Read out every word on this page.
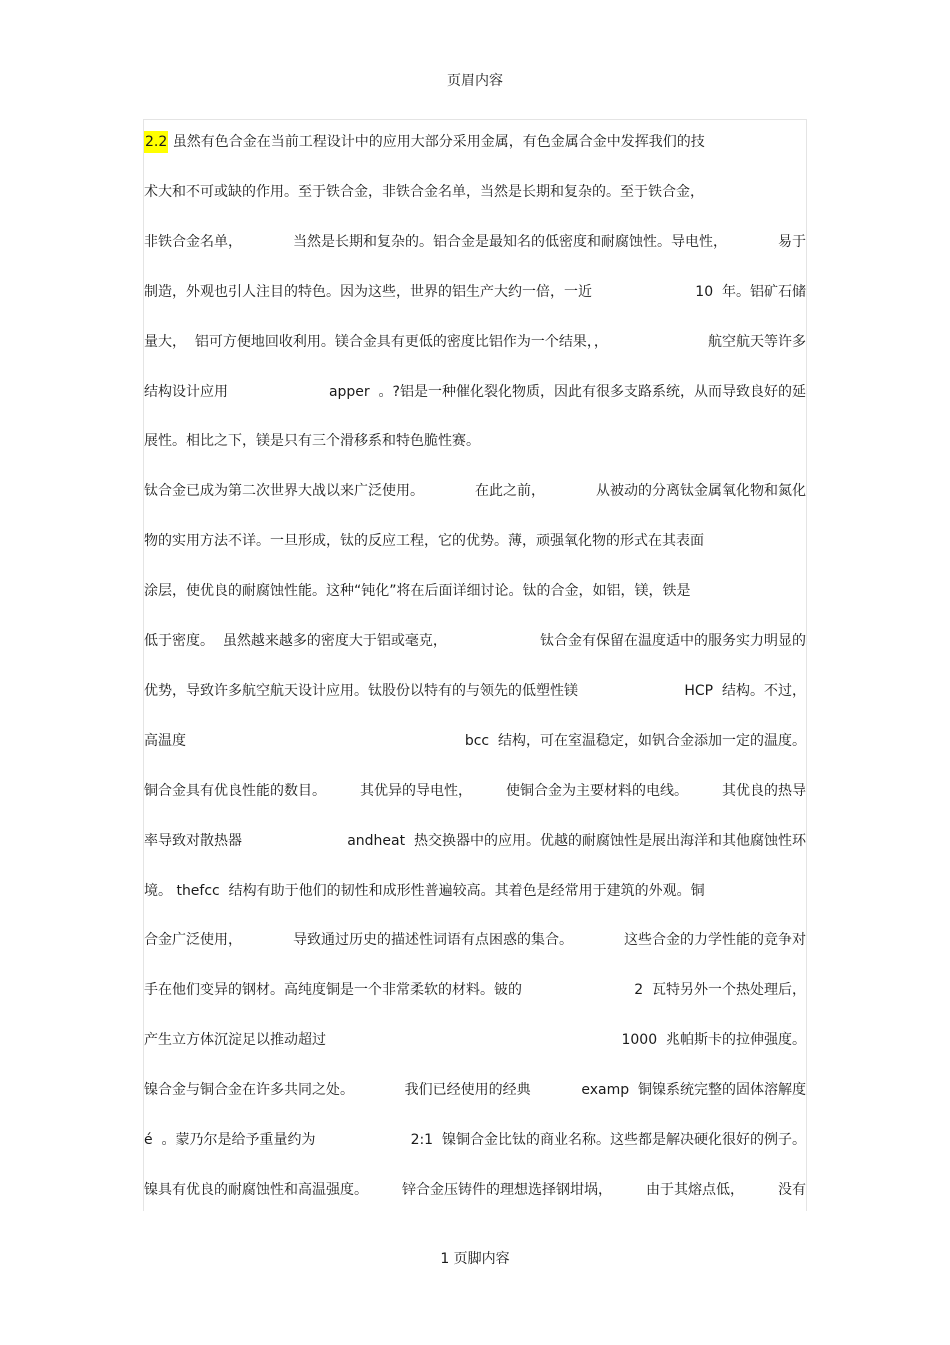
页眉内容
2.2
虽然有色合金在当前工程设计中的应用大部分采用金属，有色金属合金中发挥我们的技
术大和不可或缺的作用。至于铁合金，非铁合金名单，当然是长期和复杂的。至于铁合金，
非铁合金名单，	当然是长期和复杂的。铝合金是最知名的低密度和耐腐蚀性。导电性，	易于
制造，外观也引人注目的特色。因为这些，世界的铝生产大约一倍，一近	10  年。铝矿石储
量大，  铝可方便地回收利用。镁合金具有更低的密度比铝作为一个结果，，	航空航天等许多
结构设计应用	apper  。?铝是一种催化裂化物质，因此有很多支路系统，从而导致良好的延
展性。相比之下，镁是只有三个滑移系和特色脆性赛。
钛合金已成为第二次世界大战以来广泛使用。	在此之前，	从被动的分离钛金属氧化物和氮化
物的实用方法不详。一旦形成，钛的反应工程，它的优势。薄，顽强氧化物的形式在其表面
涂层，使优良的耐腐蚀性能。这种“钝化”将在后面详细讨论。钛的合金，如铝，镁，铁是
低于密度。  虽然越来越多的密度大于铝或毫克，	钛合金有保留在温度适中的服务实力明显的
优势，导致许多航空航天设计应用。钛股份以特有的与领先的低塑性镁	HCP  结构。不过，
高温度	bcc  结构，可在室温稳定，如钒合金添加一定的温度。
铜合金具有优良性能的数目。 其优异的导电性， 使铜合金为主要材料的电线。 其优良的热导
率导致对散热器	andheat  热交换器中的应用。优越的耐腐蚀性是展出海洋和其他腐蚀性环
境。 thefcc  结构有助于他们的韧性和成形性普遍较高。其着色是经常用于建筑的外观。铜
合金广泛使用，	导致通过历史的描述性词语有点困惑的集合。	这些合金的力学性能的竞争对
手在他们变异的钢材。高纯度铜是一个非常柔软的材料。铍的	2  瓦特另外一个热处理后，
产生立方体沉淀足以推动超过	1000  兆帕斯卡的拉伸强度。
镍合金与铜合金在许多共同之处。	我们已经使用的经典	examp  铜镍系统完整的固体溶解度
é  。蒙乃尔是给予重量约为	2:1  镍铜合金比钛的商业名称。这些都是解决硬化很好的例子。
镍具有优良的耐腐蚀性和高温强度。 锌合金压铸件的理想选择钢坩埚， 由于其熔点低， 没有
1 页脚内容
